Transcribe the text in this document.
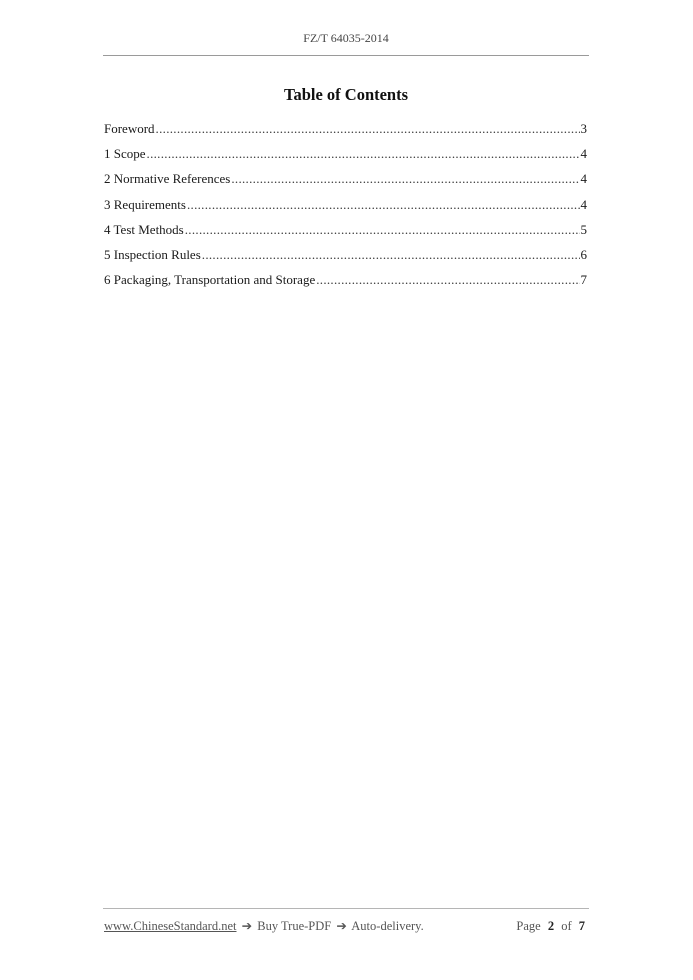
FZ/T 64035-2014
Table of Contents
Foreword .....	3
1 Scope .....	4
2 Normative References .....	4
3 Requirements .....	4
4 Test Methods .....	5
5 Inspection Rules .....	6
6 Packaging, Transportation and Storage .....	7
www.ChineseStandard.net ➔ Buy True-PDF ➔ Auto-delivery.	Page 2 of 7
